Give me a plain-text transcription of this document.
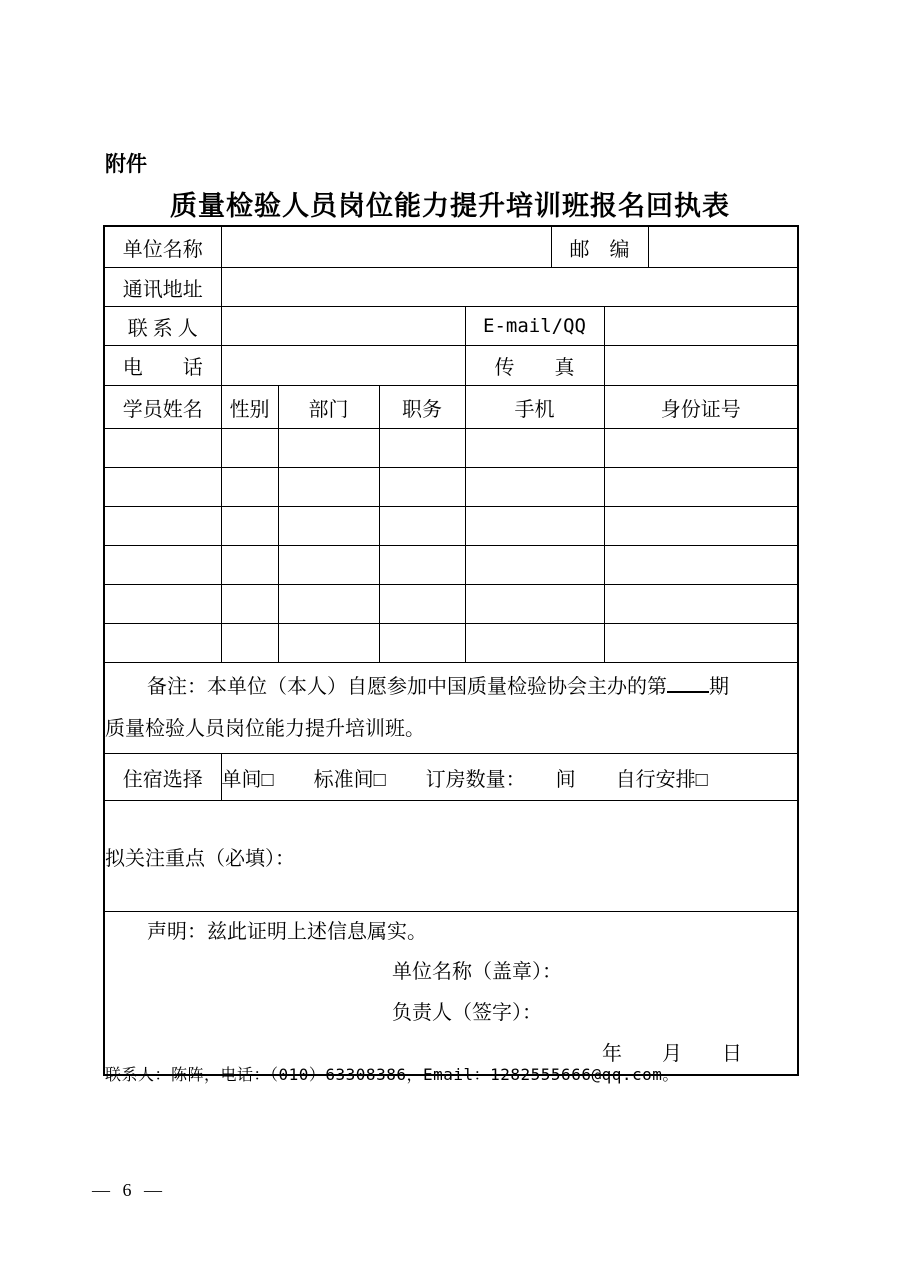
附件
质量检验人员岗位能力提升培训班报名回执表
单位名称					邮　编		
通讯地址							
联 系 人				E-mail/QQ			
电　　话				传　　真			
学员姓名	性别	部门	职务	手机		身份证号	

备注：本单位（本人）自愿参加中国质量检验协会主办的第 期
质量检验人员岗位能力提升培训班。							

住宿选择	单间□　　标准间□　　订房数量：　　间　　自行安排□						
拟关注重点（必填）：							

声明：兹此证明上述信息属实。
单位名称（盖章）：
负责人（签字）：
年　　月　　日							
联系人：陈阵，电话：（010）63308386，Email：1282555666@qq.com。
— 6 —
